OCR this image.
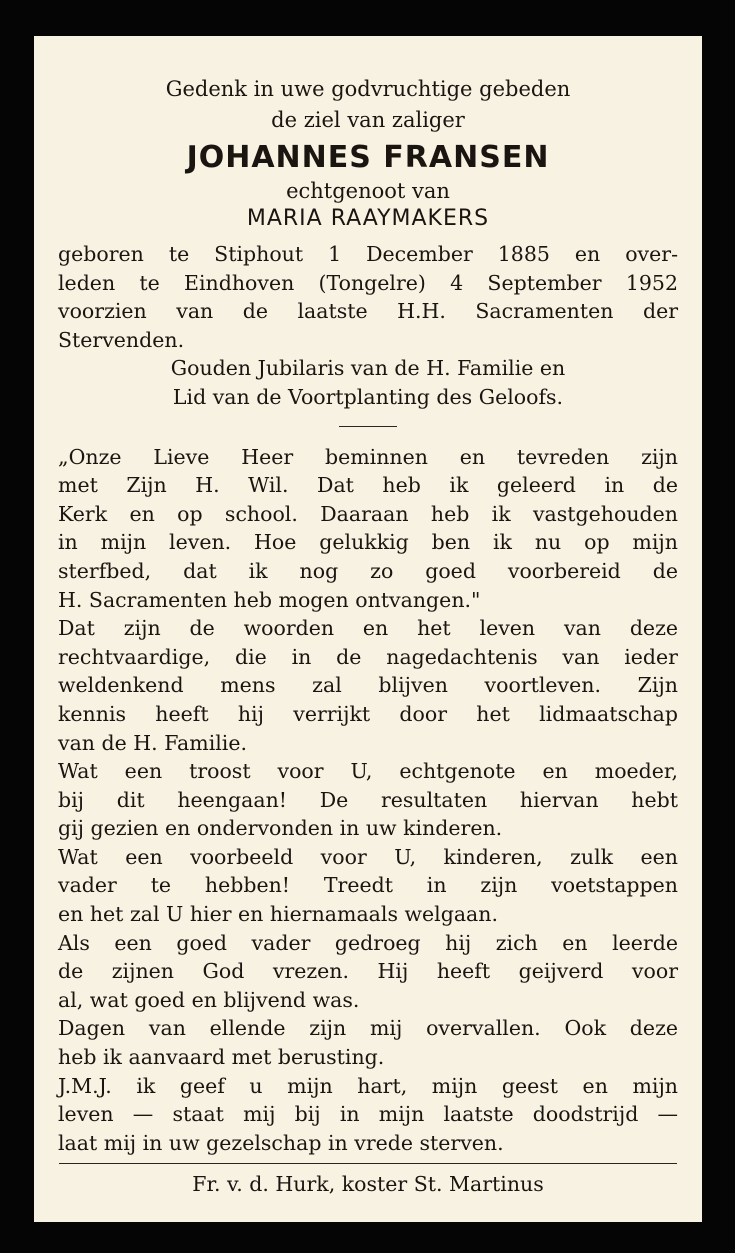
Gedenk in uwe godvruchtige gebeden
de ziel van zaliger
JOHANNES FRANSEN
echtgenoot van
MARIA RAAYMAKERS
geboren te Stiphout 1 December 1885 en over-
leden te Eindhoven (Tongelre) 4 September 1952
voorzien van de laatste H.H. Sacramenten der
Stervenden.
Gouden Jubilaris van de H. Familie en
Lid van de Voortplanting des Geloofs.
„Onze Lieve Heer beminnen en tevreden zijn
met Zijn H. Wil. Dat heb ik geleerd in de
Kerk en op school. Daaraan heb ik vastgehouden
in mijn leven. Hoe gelukkig ben ik nu op mijn
sterfbed, dat ik nog zo goed voorbereid de
H. Sacramenten heb mogen ontvangen."
Dat zijn de woorden en het leven van deze
rechtvaardige, die in de nagedachtenis van ieder
weldenkend mens zal blijven voortleven. Zijn
kennis heeft hij verrijkt door het lidmaatschap
van de H. Familie.
Wat een troost voor U, echtgenote en moeder,
bij dit heengaan! De resultaten hiervan hebt
gij gezien en ondervonden in uw kinderen.
Wat een voorbeeld voor U, kinderen, zulk een
vader te hebben! Treedt in zijn voetstappen
en het zal U hier en hiernamaals welgaan.
Als een goed vader gedroeg hij zich en leerde
de zijnen God vrezen. Hij heeft geijverd voor
al, wat goed en blijvend was.
Dagen van ellende zijn mij overvallen. Ook deze
heb ik aanvaard met berusting.
J.M.J. ik geef u mijn hart, mijn geest en mijn
leven — staat mij bij in mijn laatste doodstrijd —
laat mij in uw gezelschap in vrede sterven.
Fr. v. d. Hurk, koster St. Martinus
